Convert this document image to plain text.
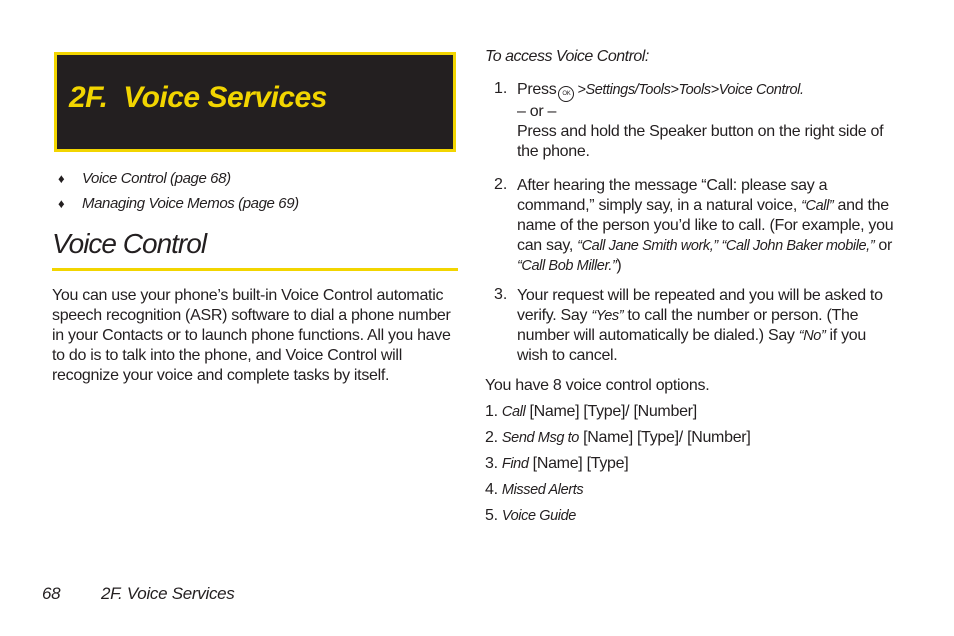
2F.  Voice Services
♦ Voice Control (page 68)
♦ Managing Voice Memos (page 69)
Voice Control
You can use your phone’s built-in Voice Control automatic speech recognition (ASR) software to dial a phone number in your Contacts or to launch phone functions. All you have to do is to talk into the phone, and Voice Control will recognize your voice and complete tasks by itself.
To access Voice Control:
1. Press OK >Settings/Tools>Tools>Voice Control.
– or –
Press and hold the Speaker button on the right side of the phone.
2. After hearing the message “Call: please say a command,” simply say, in a natural voice, “Call” and the name of the person you’d like to call. (For example, you can say, “Call Jane Smith work,” “Call John Baker mobile,” or “Call Bob Miller.”)
3. Your request will be repeated and you will be asked to verify. Say “Yes” to call the number or person. (The number will automatically be dialed.) Say “No” if you wish to cancel.
You have 8 voice control options.
1. Call [Name] [Type]/ [Number]
2. Send Msg to [Name] [Type]/ [Number]
3. Find [Name] [Type]
4. Missed Alerts
5. Voice Guide
68 2F. Voice Services
